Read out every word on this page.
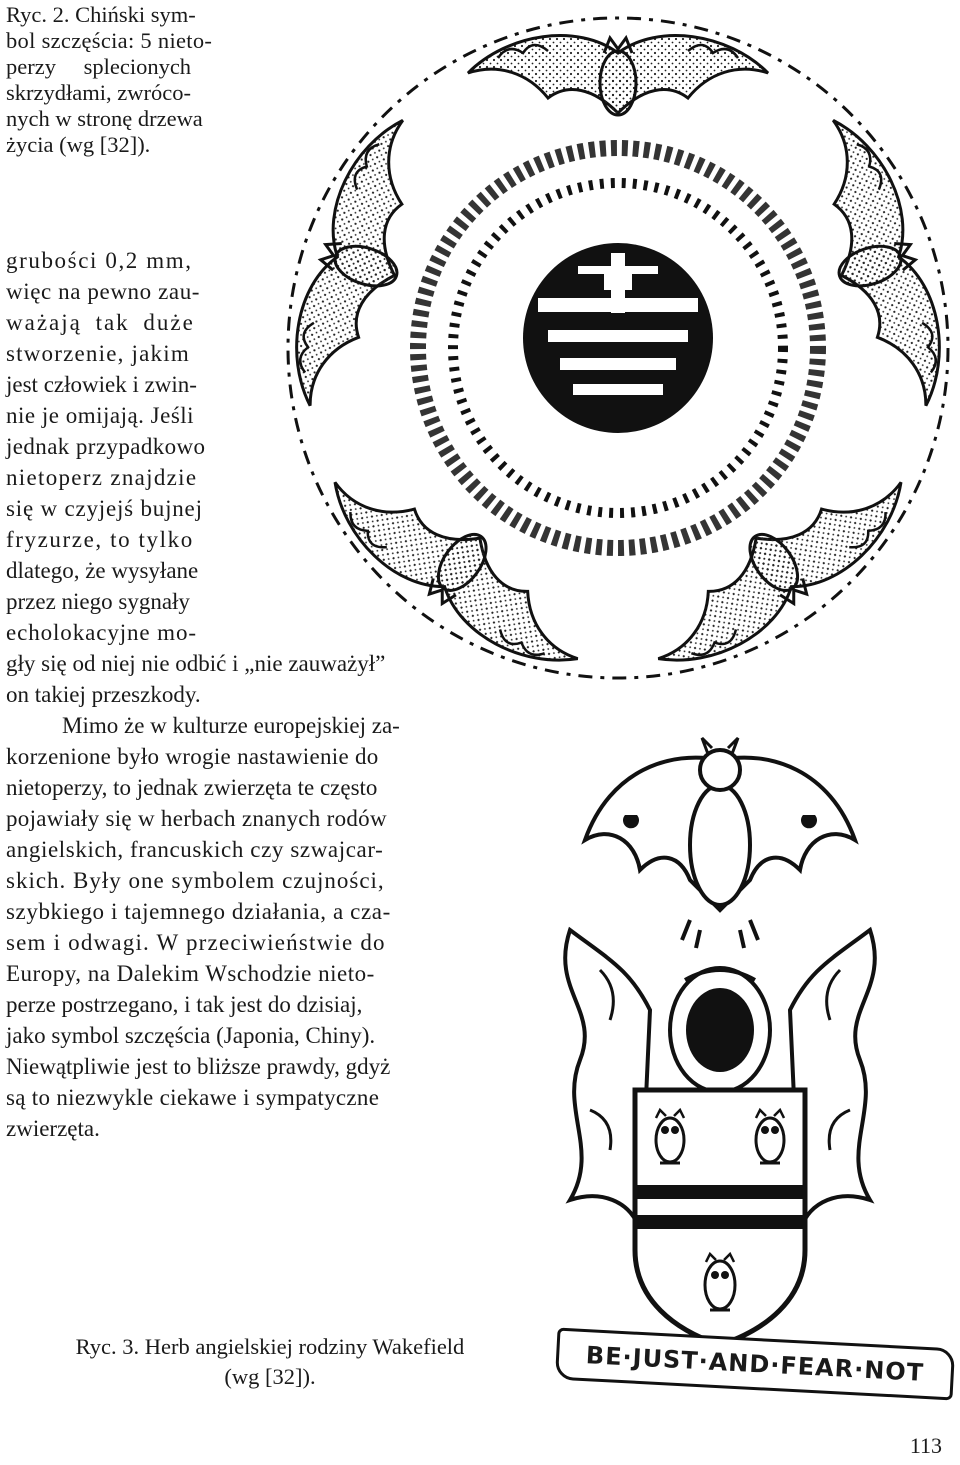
Ryc. 2. Chiński sym-
bol szczęścia: 5 nieto-
perzy splecionych
skrzydłami, zwróco-
nych w stronę drzewa
życia (wg [32]).
grubości 0,2 mm,
więc na pewno zau-
ważają tak duże
stworzenie, jakim
jest człowiek i zwin-
nie je omijają. Jeśli
jednak przypadkowo
nietoperz znajdzie
się w czyjejś bujnej
fryzurze, to tylko
dlatego, że wysyłane
przez niego sygnały
echolokacyjne mo-
gły się od niej nie odbić i „nie zauważył”
on takiej przeszkody.
Mimo że w kulturze europejskiej za-
korzenione było wrogie nastawienie do
nietoperzy, to jednak zwierzęta te często
pojawiały się w herbach znanych rodów
angielskich, francuskich czy szwajcar-
skich. Były one symbolem czujności,
szybkiego i tajemnego działania, a cza-
sem i odwagi. W przeciwieństwie do
Europy, na Dalekim Wschodzie nieto-
perze postrzegano, i tak jest do dzisiaj,
jako symbol szczęścia (Japonia, Chiny).
Niewątpliwie jest to bliższe prawdy, gdyż
są to niezwykle ciekawe i sympatyczne
zwierzęta.
BE·JUST·AND·FEAR·NOT
Ryc. 3. Herb angielskiej rodziny Wakefield
(wg [32]).
113
